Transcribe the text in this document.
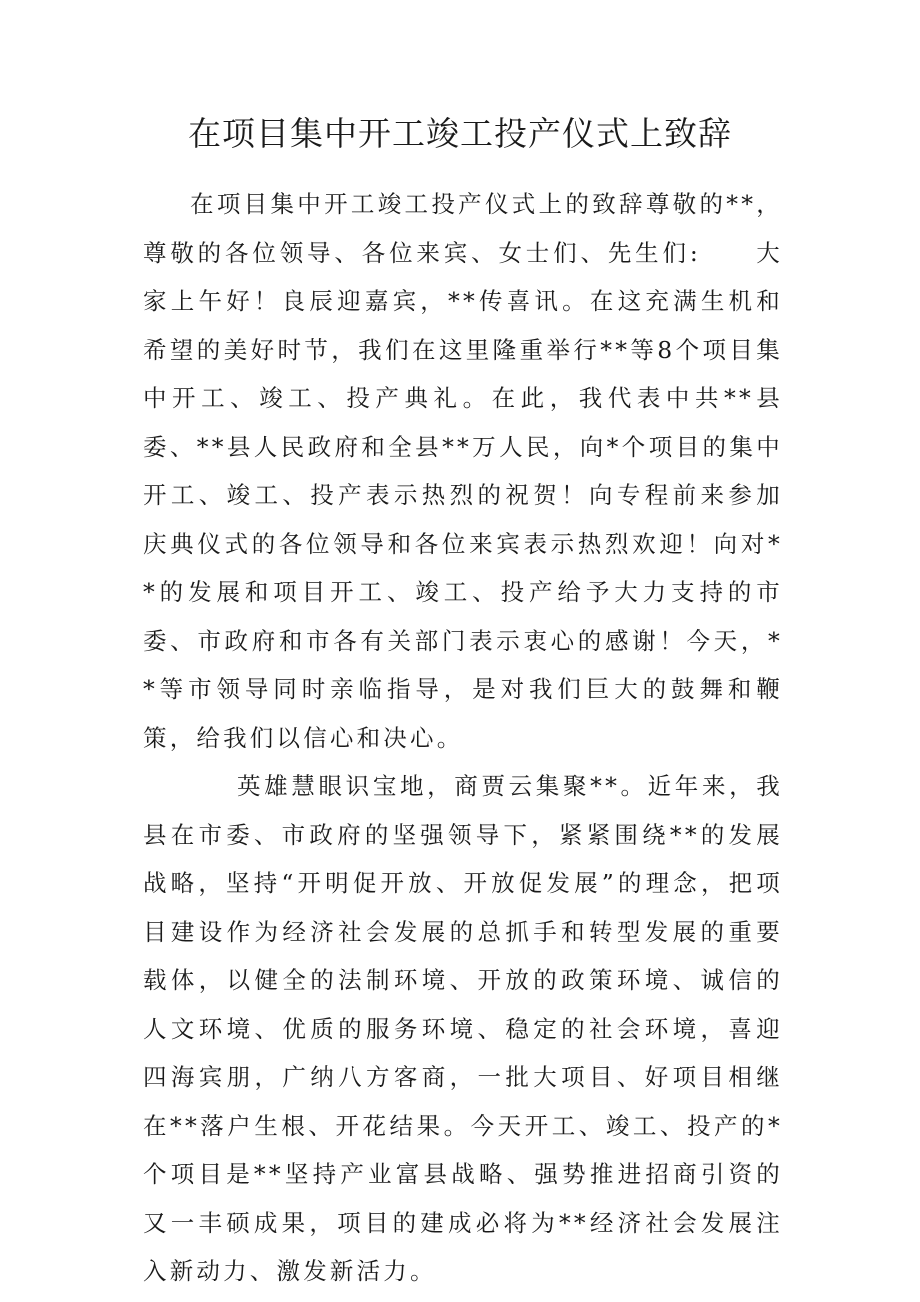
在项目集中开工竣工投产仪式上致辞

在项目集中开工竣工投产仪式上的致辞尊敬的**，尊敬的各位领导、各位来宾、女士们、先生们:　　大家上午好！良辰迎嘉宾，**传喜讯。在这充满生机和希望的美好时节，我们在这里隆重举行**等8个项目集中开工、竣工、投产典礼。在此，我代表中共**县委、**县人民政府和全县**万人民，向*个项目的集中开工、竣工、投产表示热烈的祝贺！向专程前来参加庆典仪式的各位领导和各位来宾表示热烈欢迎！向对**的发展和项目开工、竣工、投产给予大力支持的市委、市政府和市各有关部门表示衷心的感谢！今天，**等市领导同时亲临指导，是对我们巨大的鼓舞和鞭策，给我们以信心和决心。

英雄慧眼识宝地，商贾云集聚**。近年来，我县在市委、市政府的坚强领导下，紧紧围绕**的发展战略，坚持“开明促开放、开放促发展”的理念，把项目建设作为经济社会发展的总抓手和转型发展的重要载体，以健全的法制环境、开放的政策环境、诚信的人文环境、优质的服务环境、稳定的社会环境，喜迎四海宾朋，广纳八方客商，一批大项目、好项目相继在**落户生根、开花结果。今天开工、竣工、投产的*个项目是**坚持产业富县战略、强势推进招商引资的又一丰硕成果，项目的建成必将为**经济社会发展注入新动力、激发新活力。
